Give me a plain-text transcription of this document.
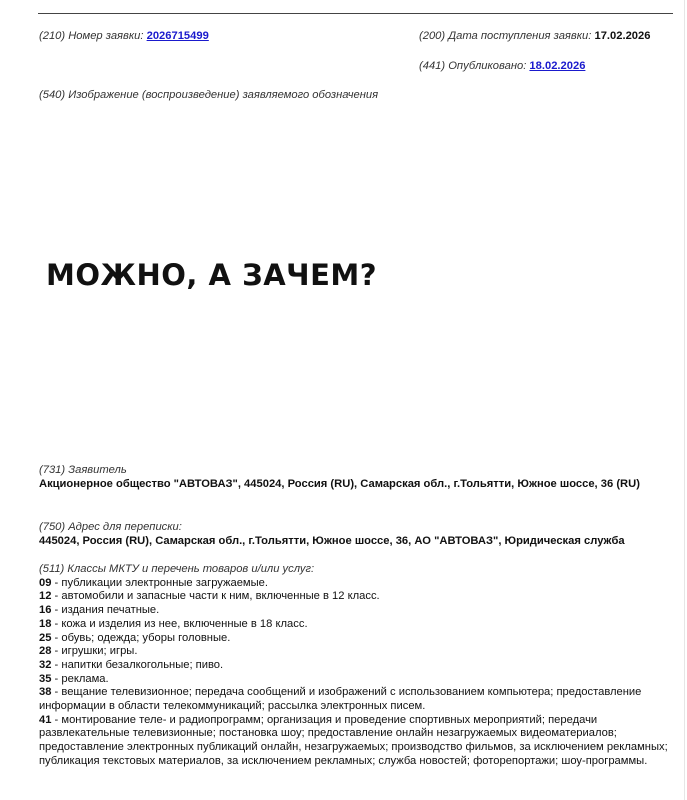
(210) Номер заявки: 2026715499	(200) Дата поступления заявки: 17.02.2026
(441) Опубликовано: 18.02.2026
(540) Изображение (воспроизведение) заявляемого обозначения
МОЖНО, А ЗАЧЕМ?
(731) Заявитель
Акционерное общество "АВТОВАЗ", 445024, Россия (RU), Самарская обл., г.Тольятти, Южное шоссе, 36 (RU)
(750) Адрес для переписки:
445024, Россия (RU), Самарская обл., г.Тольятти, Южное шоссе, 36, АО "АВТОВАЗ", Юридическая служба
(511) Классы МКТУ и перечень товаров и/или услуг:
09 - публикации электронные загружаемые.
12 - автомобили и запасные части к ним, включенные в 12 класс.
16 - издания печатные.
18 - кожа и изделия из нее, включенные в 18 класс.
25 - обувь; одежда; уборы головные.
28 - игрушки; игры.
32 - напитки безалкогольные; пиво.
35 - реклама.
38 - вещание телевизионное; передача сообщений и изображений с использованием компьютера; предоставление информации в области телекоммуникаций; рассылка электронных писем.
41 - монтирование теле- и радиопрограмм; организация и проведение спортивных мероприятий; передачи развлекательные телевизионные; постановка шоу; предоставление онлайн незагружаемых видеоматериалов; предоставление электронных публикаций онлайн, незагружаемых; производство фильмов, за исключением рекламных; публикация текстовых материалов, за исключением рекламных; служба новостей; фоторепортажи; шоу-программы.
